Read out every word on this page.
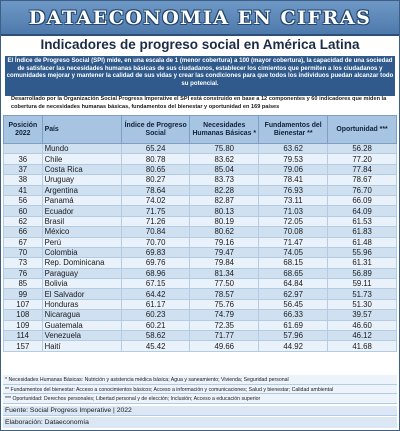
DATAECONOMIA EN CIFRAS
Indicadores de progreso social en América Latina
El Índice de Progreso Social (SPI) mide, en una escala de 1 (menor cobertura) a 100 (mayor cobertura), la capacidad de una sociedad de satisfacer las necesidades humanas básicas de sus ciudadanos, establecer los cimientos que permiten a los ciudadanos y comunidades mejorar y mantener la calidad de sus vidas y crear las condiciones para que todos los individuos puedan alcanzar todo su potencial.
Desarrollado por la Organización Social Progress Imperative el SPI está construido en base a 12 componentes y 60 indicadores que miden la cobertura de necesidades humanas básicas, fundamentos del bienestar y oportunidad en 169 países
Posición 2022	País	Índice de Progreso Social	Necesidades Humanas Básicas *	Fundamentos del Bienestar **	Oportunidad ***
	Mundo	65.24	75.80	63.62	56.28
36	Chile	80.78	83.62	79.53	77.20
37	Costa Rica	80.65	85.04	79.06	77.84
38	Uruguay	80.27	83.73	78.41	78.67
41	Argentina	78.64	82.28	76.93	76.70
56	Panamá	74.02	82.87	73.11	66.09
60	Ecuador	71.75	80.13	71.03	64.09
62	Brasil	71.26	80.19	72.05	61.53
66	México	70.84	80.62	70.08	61.83
67	Perú	70.70	79.16	71.47	61.48
70	Colombia	69.83	79.47	74.05	55.96
73	Rep. Dominicana	69.76	79.84	68.15	61.31
76	Paraguay	68.96	81.34	68.65	56.89
85	Bolivia	67.15	77.50	64.84	59.11
99	El Salvador	64.42	78.57	62.97	51.73
107	Honduras	61.17	75.76	56.45	51.30
108	Nicaragua	60.23	74.79	66.33	39.57
109	Guatemala	60.21	72.35	61.69	46.60
114	Venezuela	58.62	71.77	57.96	46.12
157	Haití	45.42	49.66	44.92	41.68
* Necesidades Humanas Básicas: Nutrición y asistencia médica básica; Agua y saneamiento; Vivienda; Seguridad personal
** Fundamentos del bienestar: Acceso a conocimientos básicos; Acceso a información y comunicaciones; Salud y bienestar; Calidad ambiental
*** Oportunidad: Derechos personales; Libertad personal y de elección; Inclusión; Acceso a educación superior
Fuente: Social Progress Imperative | 2022
Elaboración: Dataeconomía
